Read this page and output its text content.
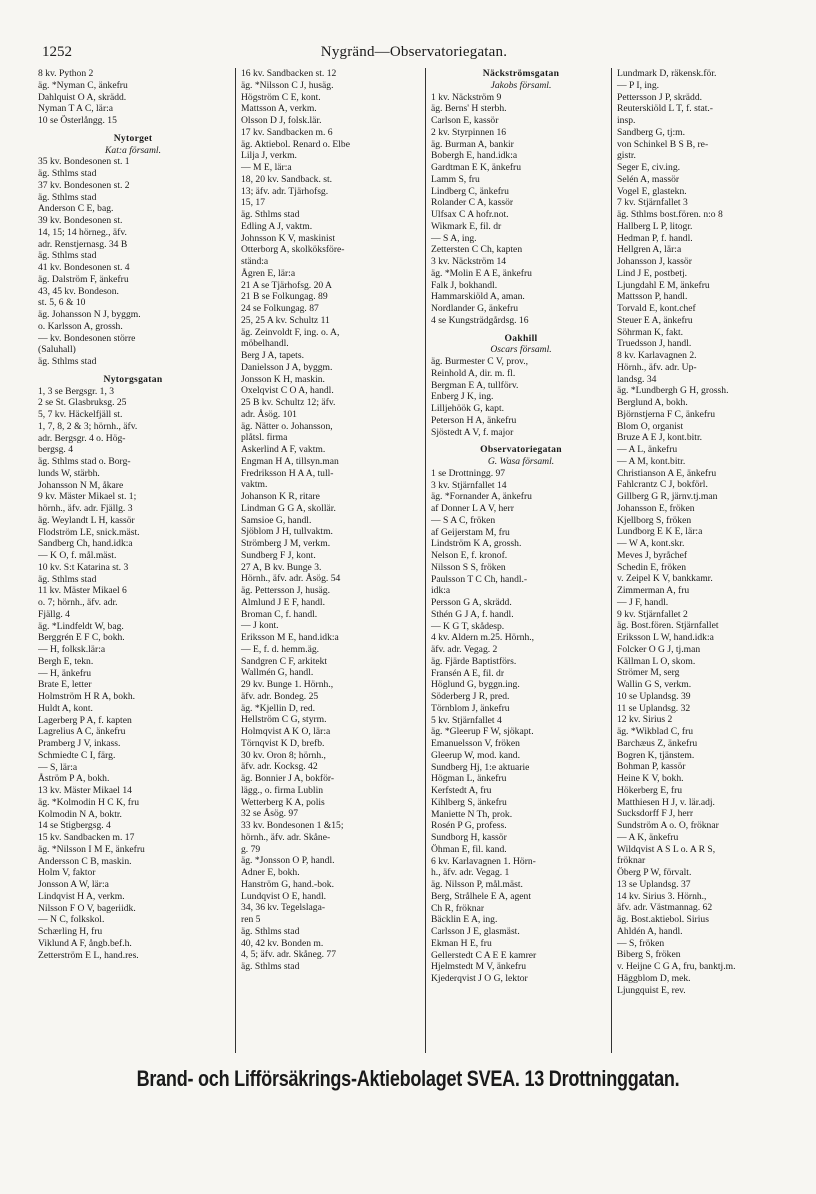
1252	Nygränd—Observatoriegatan.
8 kv. Python 2
äg. *Nyman C, änkefru
Dahlquist O A, skrädd.
Nyman T A C, lär:a
10 se Österlångg. 15
Nytorget
Kat:a församl.
35 kv. Bondesonen st. 1
äg. Sthlms stad
37 kv. Bondesonen st. 2
äg. Sthlms stad
Anderson C E, bag.
39 kv. Bondesonen st.
14, 15; 14 hörneg., äfv.
adr. Renstjernasg. 34 B
äg. Sthlms stad
41 kv. Bondesonen st. 4
äg. Dalström F, änkefru
43, 45 kv. Bondeson.
st. 5, 6 & 10
äg. Johansson N J, byggm.
o. Karlsson A, grossh.
— kv. Bondesonen större
(Saluhall)
äg. Sthlms stad
Nytorgsgatan
1, 3 se Bergsgr. 1, 3
2 se St. Glasbruksg. 25
5, 7 kv. Häckelfjäll st.
1, 7, 8, 2 & 3; hörnh., äfv.
adr. Bergsgr. 4 o. Hög-
bergsg. 4
äg. Sthlms stad o. Borg-
lunds W, stärbh.
Johansson N M, åkare
9 kv. Mäster Mikael st. 1;
hörnh., äfv. adr. Fjällg. 3
äg. Weylandt L H, kassör
Flodström LE, snick.mäst.
Sandberg Ch, hand.idk:a
— K O, f. mål.mäst.
10 kv. S:t Katarina st. 3
äg. Sthlms stad
11 kv. Mäster Mikael 6
o. 7; hörnh., äfv. adr.
Fjällg. 4
äg. *Lindfeldt W, bag.
Berggrén E F C, bokh.
— H, folksk.lär:a
Bergh E, tekn.
— H, änkefru
Brate E, letter
Holmström H R A, bokh.
Huldt A, kont.
Lagerberg P A, f. kapten
Lagrelius A C, änkefru
Pramberg J V, inkass.
Schmiedte C I, färg.
— S, lär:a
Åström P A, bokh.
13 kv. Mäster Mikael 14
äg. *Kolmodin H C K, fru
Kolmodin N A, boktr.
14 se Stigbergsg. 4
15 kv. Sandbacken m. 17
äg. *Nilsson I M E, änkefru
Andersson C B, maskin.
Holm V, faktor
Jonsson A W, lär:a
Lindqvist H A, verkm.
Nilsson F O V, bageriidk.
— N C, folkskol.
Schærling H, fru
Viklund A F, ångb.bef.h.
Zetterström E L, hand.res.
16 kv. Sandbacken st. 12
äg. *Nilsson C J, husäg.
Högström C E, kont.
Mattsson A, verkm.
Olsson D J, folsk.lär.
17 kv. Sandbacken m. 6
äg. Aktiebol. Renard o. Elbe
Lilja J, verkm.
— M E, lär:a
18, 20 kv. Sandback. st.
13; äfv. adr. Tjärhofsg.
15, 17
äg. Sthlms stad
Edling A J, vaktm.
Johnsson K V, maskinist
Otterborg A, skolköksföre-
ständ:a
Ågren E, lär:a
21 A se Tjärhofsg. 20 A
21 B se Folkungag. 89
24 se Folkungag. 87
25, 25 A kv. Schultz 11
äg. Zeinvoldt F, ing. o. A,
möbelhandl.
Berg J A, tapets.
Danielsson J A, byggm.
Jonsson K H, maskin.
Oxelqvist C O A, handl.
25 B kv. Schultz 12; äfv.
adr. Åsög. 101
äg. Nätter o. Johansson,
plåtsl. firma
Askerlind A F, vaktm.
Engman H A, tillsyn.man
Fredriksson H A A, tull-
vaktm.
Johanson K R, ritare
Lindman G G A, skollär.
Samsioe G, handl.
Sjöblom J H, tullvaktm.
Strömberg J M, verkm.
Sundberg F J, kont.
27 A, B kv. Bunge 3.
Hörnh., äfv. adr. Åsög. 54
äg. Pettersson J, husäg.
Almlund J E F, handl.
Broman C, f. handl.
— J kont.
Eriksson M E, hand.idk:a
— E, f. d. hemm.äg.
Sandgren C F, arkitekt
Wallmén G, handl.
29 kv. Bunge 1. Hörnh.,
äfv. adr. Bondeg. 25
äg. *Kjellin D, red.
Hellström C G, styrm.
Holmqvist A K O, lär:a
Törnqvist K D, brefb.
30 kv. Oron 8; hörnh.,
äfv. adr. Kocksg. 42
äg. Bonnier J A, bokför-
lägg., o. firma Lublin
Wetterberg K A, polis
32 se Åsög. 97
33 kv. Bondesonen 1 &15;
hörnh., äfv. adr. Skåne-
g. 79
äg. *Jonsson O P, handl.
Adner E, bokh.
Hanström G, hand.-bok.
Lundqvist O E, handl.
34, 36 kv. Tegelslaga-
ren 5
äg. Sthlms stad
40, 42 kv. Bonden m.
4, 5; äfv. adr. Skåneg. 77
äg. Sthlms stad
Näckströmsgatan
Jakobs församl.
1 kv. Näckström 9
äg. Berns' H sterbh.
Carlson E, kassör
2 kv. Styrpinnen 16
äg. Burman A, bankir
Bobergh E, hand.idk:a
Gardtman E K, änkefru
Lamm S, fru
Lindberg C, änkefru
Rolander C A, kassör
Ulfsax C A hofr.not.
Wikmark E, fil. dr
— S A, ing.
Zettersten C Ch, kapten
3 kv. Näckström 14
äg. *Molin E A E, änkefru
Falk J, bokhandl.
Hammarskiöld A, aman.
Nordlander G, änkefru
4 se Kungsträdgårdsg. 16
Oakhill
Oscars församl.
äg. Burmester C V, prov.,
Reinhold A, dir. m. fl.
Bergman E A, tullförv.
Enberg J K, ing.
Lilljehöök G, kapt.
Peterson H A, änkefru
Sjöstedt A V, f. major
Observatoriegatan
G. Wasa församl.
1 se Drottningg. 97
3 kv. Stjärnfallet 14
äg. *Fornander A, änkefru
af Donner L A V, herr
— S A C, fröken
af Geijerstam M, fru
Lindström K A, grossh.
Nelson E, f. kronof.
Nilsson S S, fröken
Paulsson T C Ch, handl.-
idk:a
Persson G A, skrädd.
Sthén G J A, f. handl.
— K G T, skådesp.
4 kv. Aldern m.25. Hörnh.,
äfv. adr. Vegag. 2
äg. Fjärde Baptistförs.
Fransén A E, fil. dr
Höglund G, byggn.ing.
Söderberg J R, pred.
Törnblom J, änkefru
5 kv. Stjärnfallet 4
äg. *Gleerup F W, sjökapt.
Emanuelsson V, fröken
Gleerup W, mod. kand.
Sundberg Hj, 1:e aktuarie
Högman L, änkefru
Kerfstedt A, fru
Kihlberg S, änkefru
Maniette N Th, prok.
Rosén P G, profess.
Sundborg H, kassör
Öhman E, fil. kand.
6 kv. Karlavagnen 1. Hörn-
h., äfv. adr. Vegag. 1
äg. Nilsson P, mål.mäst.
Berg, Strålhele E A, agent
Ch R, fröknar
Bäcklin E A, ing.
Carlsson J E, glasmäst.
Ekman H E, fru
Gellerstedt C A E E kamrer
Hjelmstedt M V, änkefru
Kjederqvist J O G, lektor
Lundmark D, räkensk.för.
— P I, ing.
Pettersson J P, skrädd.
Reuterskiöld L T, f. stat.-
insp.
Sandberg G, tj:m.
von Schinkel B S B, re-
gistr.
Seger E, civ.ing.
Selén A, massör
Vogel E, glastekn.
7 kv. Stjärnfallet 3
äg. Sthlms bost.fören. n:o 8
Hallberg L P, litogr.
Hedman P, f. handl.
Hellgren A, lär:a
Johansson J, kassör
Lind J E, postbetj.
Ljungdahl E M, änkefru
Mattsson P, handl.
Torvald E, kont.chef
Steuer E A, änkefru
Söhrman K, fakt.
Truedsson J, handl.
8 kv. Karlavagnen 2.
Hörnh., äfv. adr. Up-
landsg. 34
äg. *Lundbergh G H, grossh.
Berglund A, bokh.
Björnstjerna F C, änkefru
Blom O, organist
Bruze A E J, kont.bitr.
— A L, änkefru
— A M, kont.bitr.
Christianson A E, änkefru
Fahlcrantz C J, bokförl.
Gillberg G R, järnv.tj.man
Johansson E, fröken
Kjellborg S, fröken
Lundborg E K E, lär:a
— W A, kont.skr.
Meves J, byråchef
Schedin E, fröken
v. Zeipel K V, bankkamr.
Zimmerman A, fru
— J F, handl.
9 kv. Stjärnfallet 2
äg. Bost.fören. Stjärnfallet
Eriksson L W, hand.idk:a
Folcker O G J, tj.man
Källman L O, skom.
Strömer M, serg
Wallin G S, verkm.
10 se Uplandsg. 39
11 se Uplandsg. 32
12 kv. Sirius 2
äg. *Wikblad C, fru
Barchæus Z, änkefru
Bogren K, tjänstem.
Bohman P, kassör
Heine K V, bokh.
Hökerberg E, fru
Matthiesen H J, v. lär.adj.
Sucksdorff F J, herr
Sundström A o. O, fröknar
— A K, änkefru
Wildqvist A S L o. A R S,
fröknar
Öberg P W, förvalt.
13 se Uplandsg. 37
14 kv. Sirius 3. Hörnh.,
äfv. adr. Västmannag. 62
äg. Bost.aktiebol. Sirius
Ahldén A, handl.
— S, fröken
Biberg S, fröken
v. Heijne C G A, fru, banktj.m.
Häggblom D, mek.
Ljungquist E, rev.
Brand- och Lifförsäkrings-Aktiebolaget SVEA. 13 Drottninggatan.
